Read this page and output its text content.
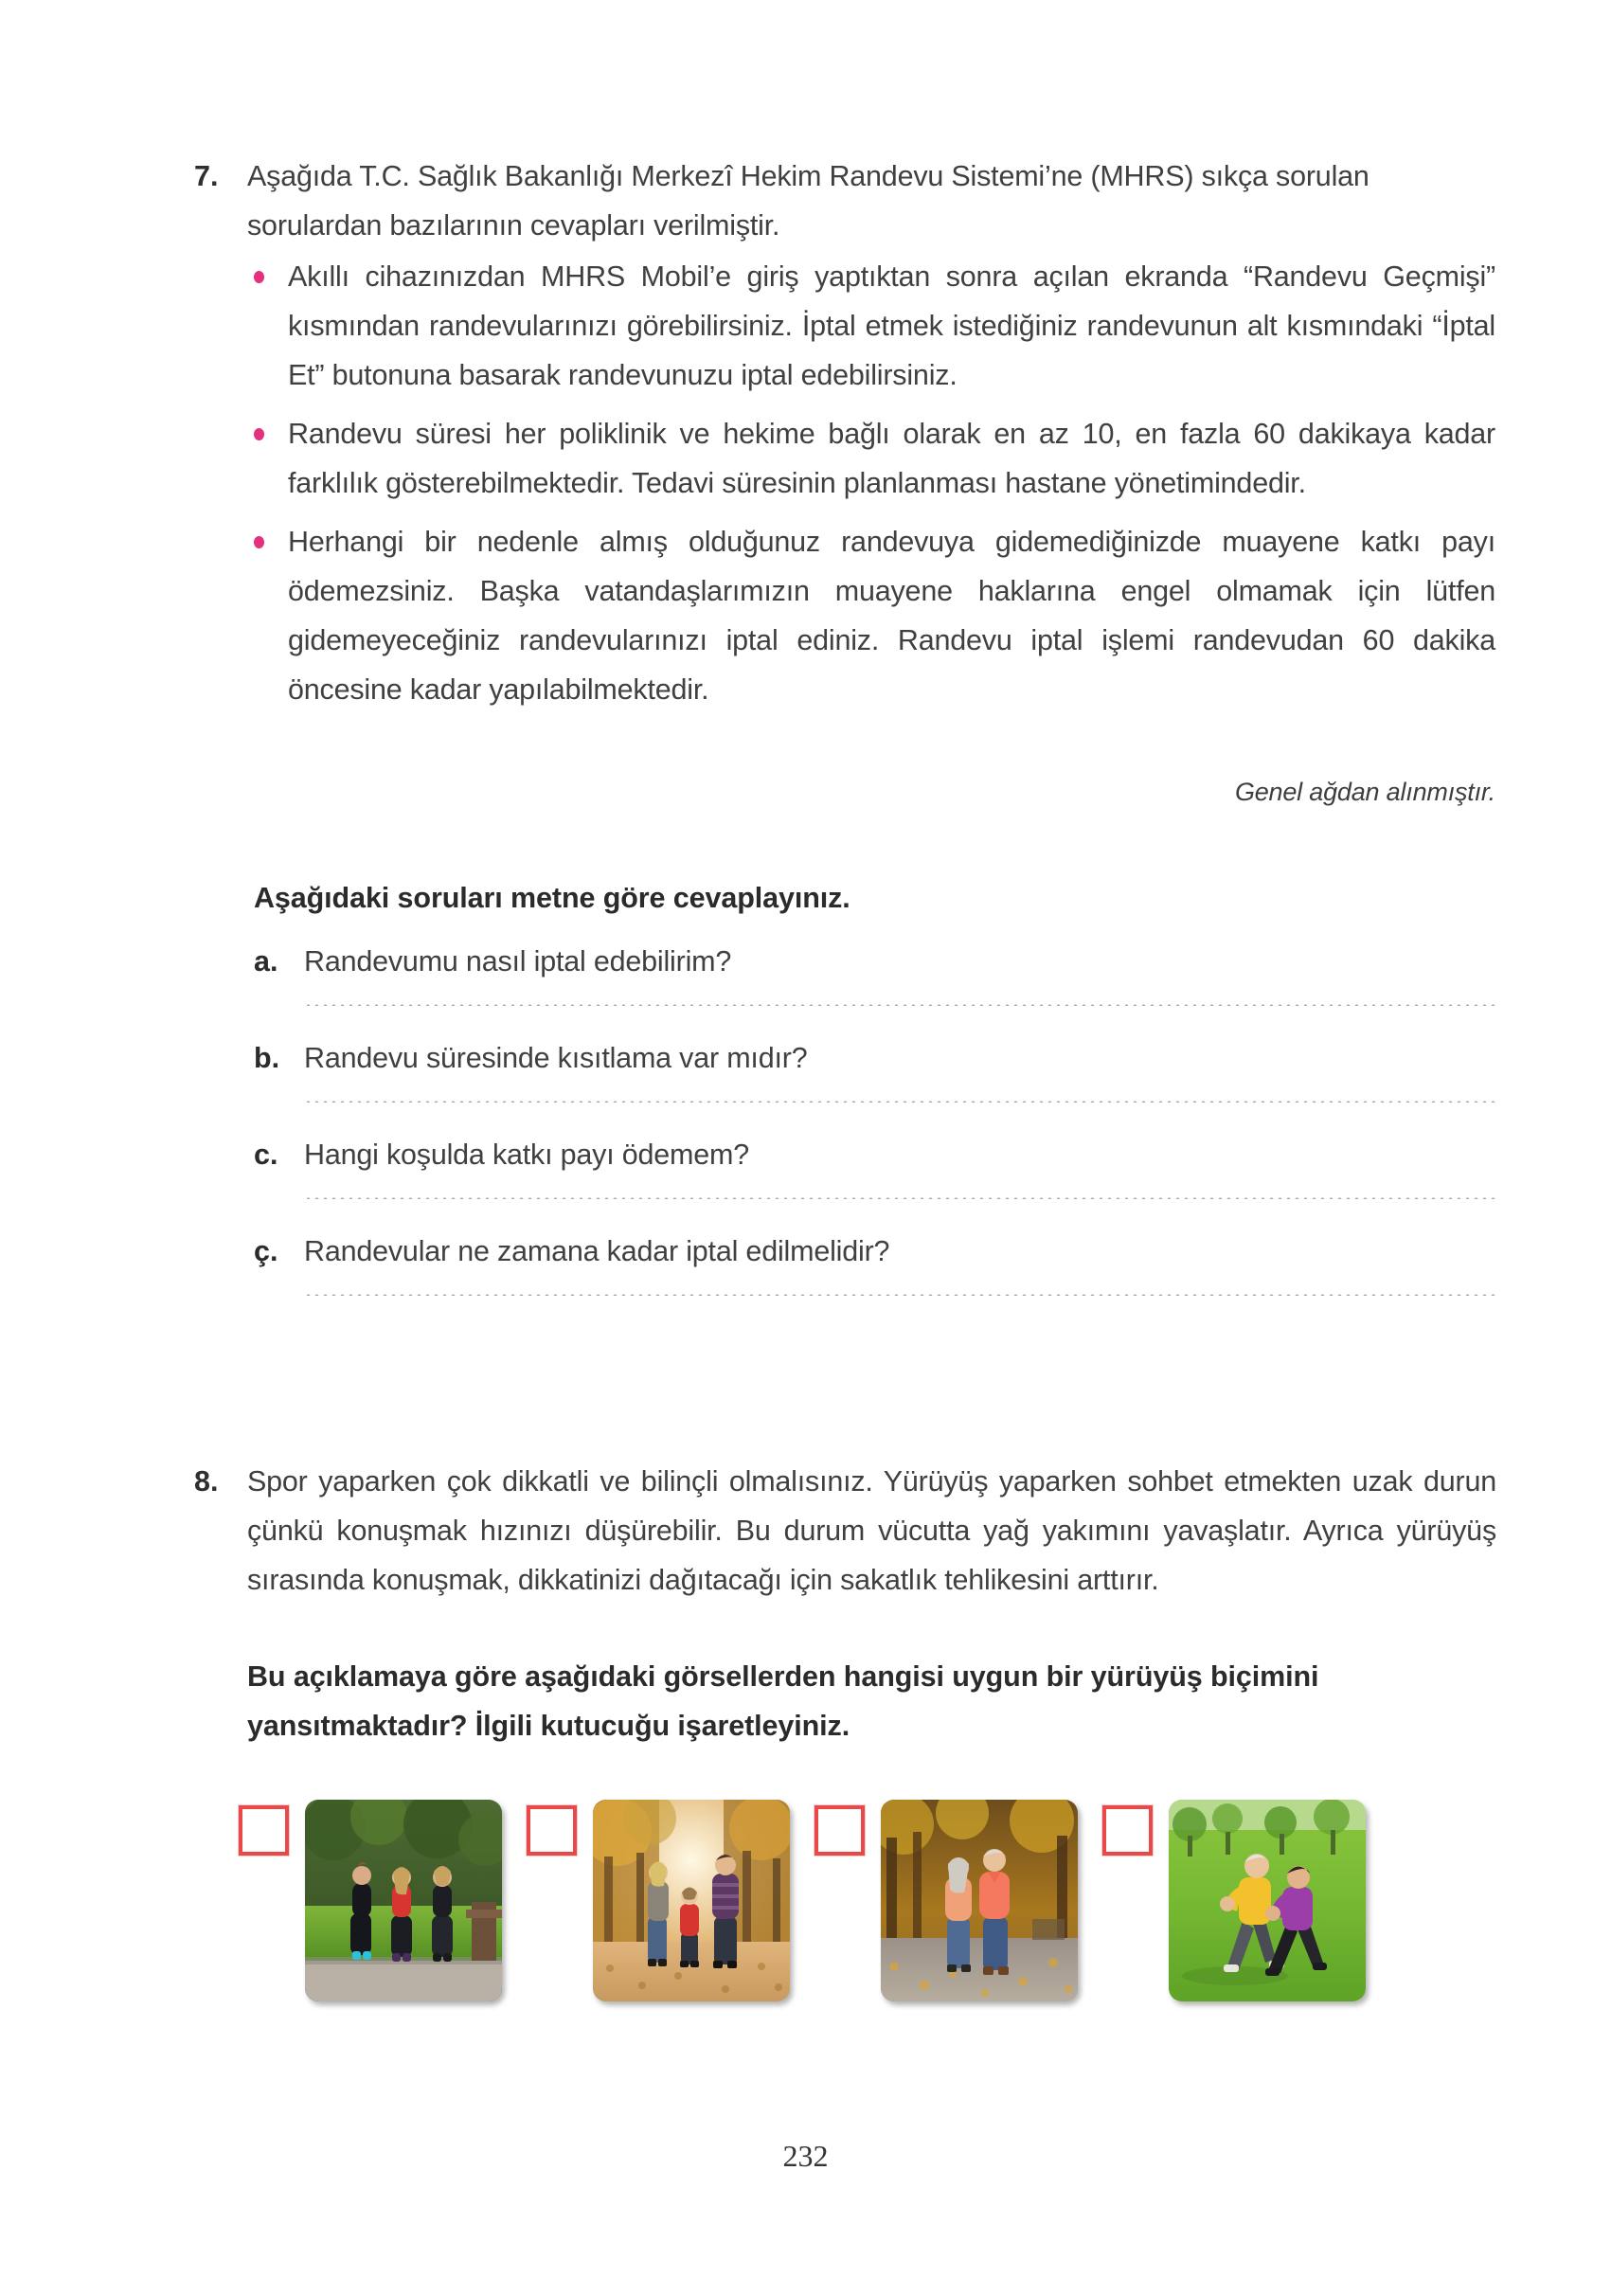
7.	Aşağıda T.C. Sağlık Bakanlığı Merkezî Hekim Randevu Sistemi’ne (MHRS) sıkça sorulan sorulardan bazılarının cevapları verilmiştir.
Akıllı cihazınızdan MHRS Mobil’e giriş yaptıktan sonra açılan ekranda “Randevu Geçmişi” kısmından randevularınızı görebilirsiniz. İptal etmek istediğiniz randevunun alt kısmındaki “İptal Et” butonuna basarak randevunuzu iptal edebilirsiniz.
Randevu süresi her poliklinik ve hekime bağlı olarak en az 10, en fazla 60 dakikaya kadar farklılık gösterebilmektedir. Tedavi süresinin planlanması hastane yönetimindedir.
Herhangi bir nedenle almış olduğunuz randevuya gidemediğinizde muayene katkı payı ödemezsiniz. Başka vatandaşlarımızın muayene haklarına engel olmamak için lütfen gidemeyeceğiniz randevularınızı iptal ediniz. Randevu iptal işlemi randevudan 60 dakika öncesine kadar yapılabilmektedir.
Genel ağdan alınmıştır.
Aşağıdaki soruları metne göre cevaplayınız.
a. Randevumu nasıl iptal edebilirim?
b. Randevu süresinde kısıtlama var mıdır?
c. Hangi koşulda katkı payı ödemem?
ç. Randevular ne zamana kadar iptal edilmelidir?
8.	Spor yaparken çok dikkatli ve bilinçli olmalısınız. Yürüyüş yaparken sohbet etmekten uzak durun çünkü konuşmak hızınızı düşürebilir. Bu durum vücutta yağ yakımını yavaşlatır. Ayrıca yürüyüş sırasında konuşmak, dikkatinizi dağıtacağı için sakatlık tehlikesini arttırır.
Bu açıklamaya göre aşağıdaki görsellerden hangisi uygun bir yürüyüş biçimini yansıtmaktadır? İlgili kutucuğu işaretleyiniz.
232
